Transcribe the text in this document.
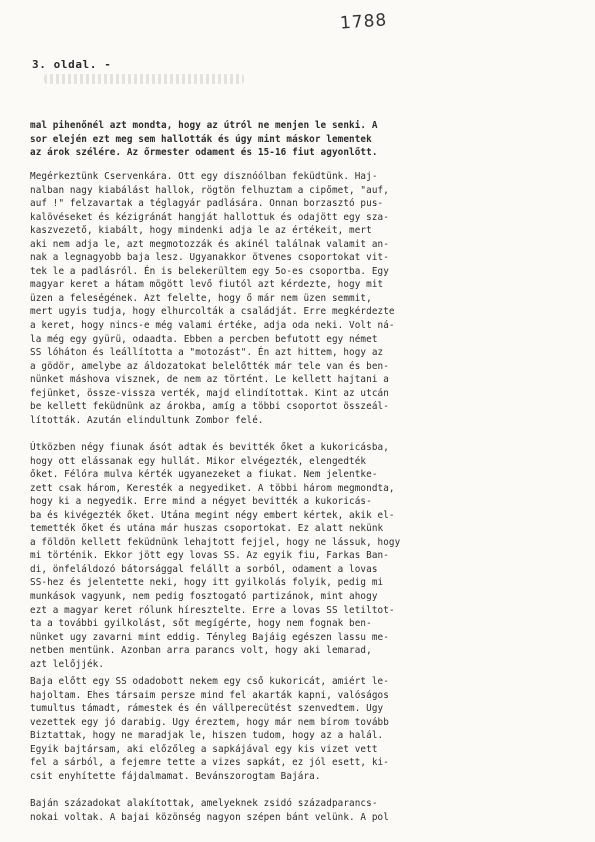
1788
3. oldal. -
mal pihenőnél azt mondta, hogy az útról ne menjen le senki. A
sor elején ezt meg sem hallották és úgy mint máskor lementek
az árok szélére. Az őrmester odament és 15-16 fiut agyonlőtt.
Megérkeztünk Cservenkára. Ott egy disznóólban feküdtünk. Haj-
nalban nagy kiabálást hallok, rögtön felhuztam a cipőmet, "auf,
auf !" felzavartak a téglagyár padlására. Onnan borzasztó pus-
kalövéseket és kézigránát hangját hallottuk és odajött egy sza-
kaszvezető, kiabált, hogy mindenki adja le az értékeit, mert
aki nem adja le, azt megmotozzák és akinél találnak valamit an-
nak a legnagyobb baja lesz. Ugyanakkor ötvenes csoportokat vit-
tek le a padlásról. Én is belekerültem egy 5o-es csoportba. Egy
magyar keret a hátam mögött levő fiutól azt kérdezte, hogy mit
üzen a feleségének. Azt felelte, hogy ő már nem üzen semmit,
mert ugyis tudja, hogy elhurcolták a családját. Erre megkérdezte
a keret, hogy nincs-e még valami értéke, adja oda neki. Volt ná-
la még egy gyürü, odaadta. Ebben a percben befutott egy német
SS lóháton és leállította a "motozást". Én azt hittem, hogy az
a gödör, amelybe az áldozatokat belelőtték már tele van és ben-
nünket máshova visznek, de nem az történt. Le kellett hajtani a
fejünket, össze-vissza verték, majd elindítottak. Kint az utcán
be kellett feküdnünk az árokba, amíg a többi csoportot összeál-
lították. Azután elindultunk Zombor felé.
Útközben négy fiunak ásót adtak és bevitték őket a kukoricásba,
hogy ott elássanak egy hullát. Mikor elvégezték, elengedték
őket. Félóra mulva kérték ugyanezeket a fiukat. Nem jelentke-
zett csak három, Keresték a negyediket. A többi három megmondta,
hogy ki a negyedik. Erre mind a négyet bevitték a kukoricás-
ba és kivégezték őket. Utána megint négy embert kértek, akik el-
temették őket és utána már huszas csoportokat. Ez alatt nekünk
a földön kellett feküdnünk lehajtott fejjel, hogy ne lássuk, hogy
mi történik. Ekkor jött egy lovas SS. Az egyik fiu, Farkas Ban-
di, önfeláldozó bátorsággal felállt a sorból, odament a lovas
SS-hez és jelentette neki, hogy itt gyilkolás folyik, pedig mi
munkások vagyunk, nem pedig fosztogató partizánok, mint ahogy
ezt a magyar keret rólunk híresztelte. Erre a lovas SS letiltot-
ta a további gyilkolást, sőt megígérte, hogy nem fognak ben-
nünket ugy zavarni mint eddig. Tényleg Bajáig egészen lassu me-
netben mentünk. Azonban arra parancs volt, hogy aki lemarad,
azt lelőjjék.
Baja előtt egy SS odadobott nekem egy cső kukoricát, amiért le-
hajoltam. Ehes társaim persze mind fel akarták kapni, valóságos
tumultus támadt, rámestek és én vállperecütést szenvedtem. Ugy
vezettek egy jó darabig. Ugy éreztem, hogy már nem bírom tovább
Biztattak, hogy ne maradjak le, hiszen tudom, hogy az a halál.
Egyik bajtársam, aki előzőleg a sapkájával egy kis vizet vett
fel a sárból, a fejemre tette a vizes sapkát, ez jól esett, ki-
csit enyhítette fájdalmamat. Bevánszorogtam Bajára.
Baján századokat alakítottak, amelyeknek zsidó századparancs-
nokai voltak. A bajai közönség nagyon szépen bánt velünk. A pol
